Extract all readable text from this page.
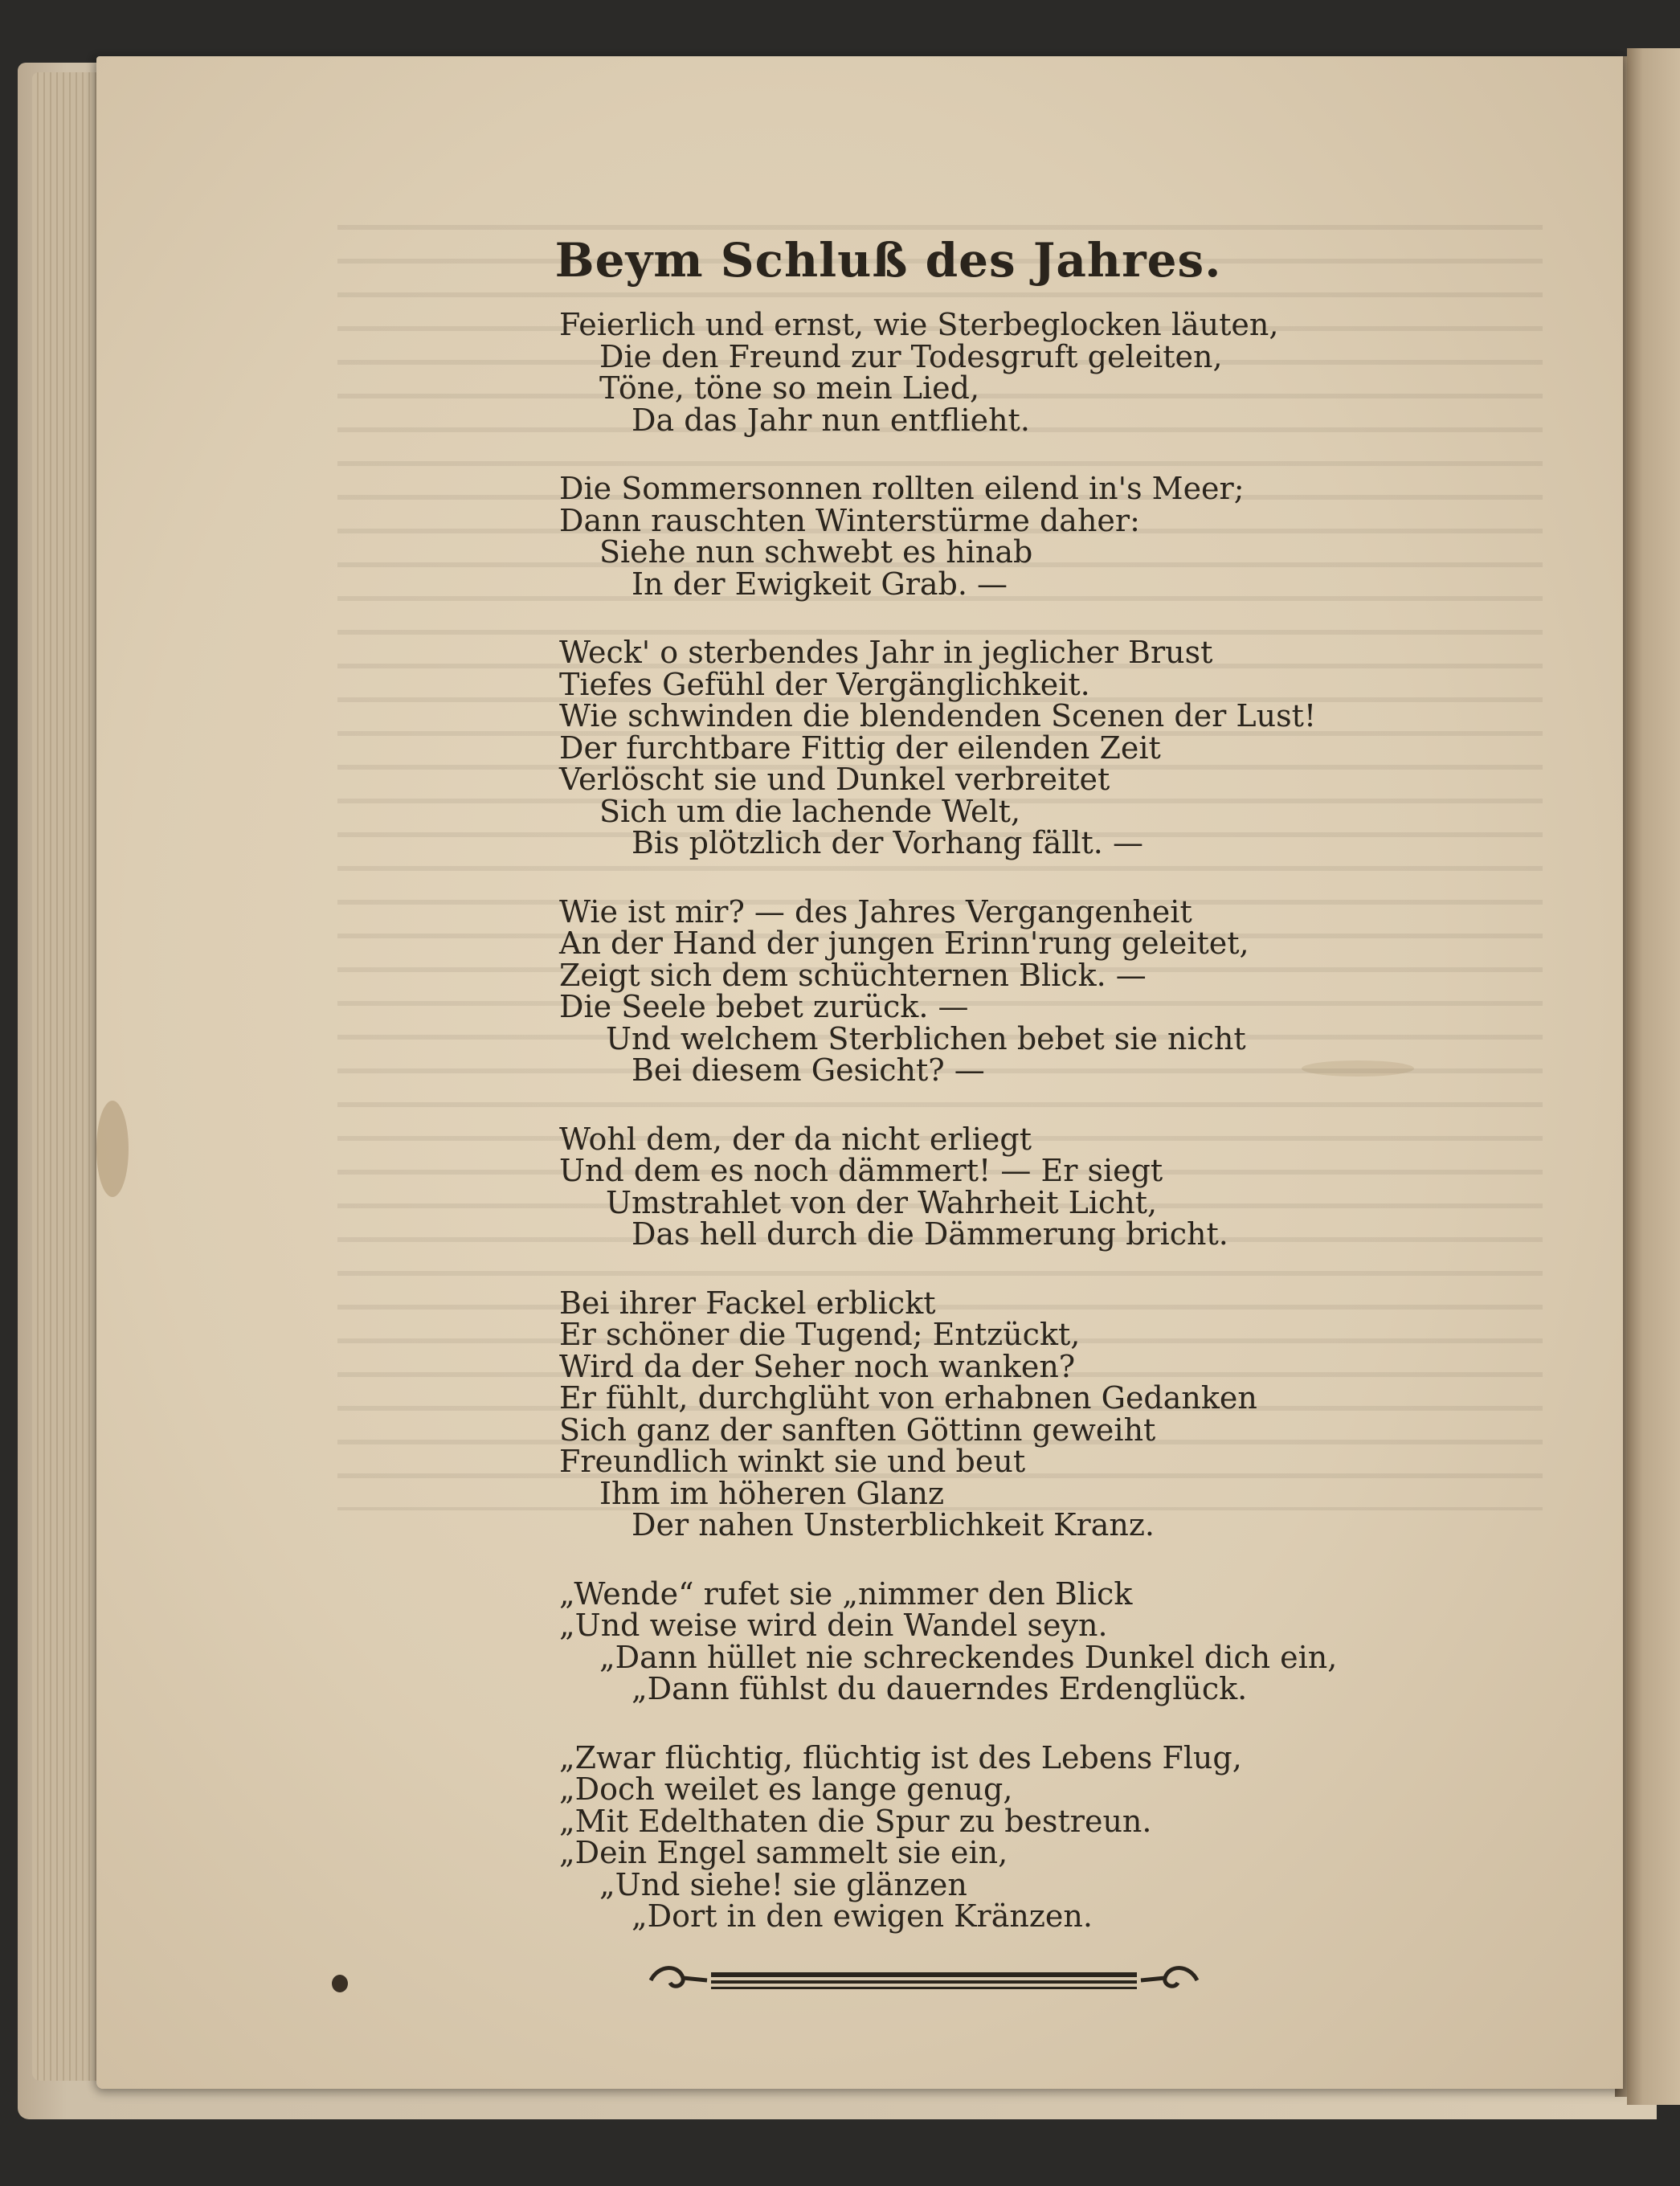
Beym Schluß des Jahres.
Feierlich und ernst, wie Sterbeglocken läuten,
Die den Freund zur Todesgruft geleiten,
Töne, töne so mein Lied,
Da das Jahr nun entflieht.
Die Sommersonnen rollten eilend in's Meer;
Dann rauschten Winterstürme daher:
Siehe nun schwebt es hinab
In der Ewigkeit Grab. —
Weck' o sterbendes Jahr in jeglicher Brust
Tiefes Gefühl der Vergänglichkeit.
Wie schwinden die blendenden Scenen der Lust!
Der furchtbare Fittig der eilenden Zeit
Verlöscht sie und Dunkel verbreitet
Sich um die lachende Welt,
Bis plötzlich der Vorhang fällt. —
Wie ist mir? — des Jahres Vergangenheit
An der Hand der jungen Erinn'rung geleitet,
Zeigt sich dem schüchternen Blick. —
Die Seele bebet zurück. —
Und welchem Sterblichen bebet sie nicht
Bei diesem Gesicht? —
Wohl dem, der da nicht erliegt
Und dem es noch dämmert! — Er siegt
Umstrahlet von der Wahrheit Licht,
Das hell durch die Dämmerung bricht.
Bei ihrer Fackel erblickt
Er schöner die Tugend; Entzückt,
Wird da der Seher noch wanken?
Er fühlt, durchglüht von erhabnen Gedanken
Sich ganz der sanften Göttinn geweiht
Freundlich winkt sie und beut
Ihm im höheren Glanz
Der nahen Unsterblichkeit Kranz.
„Wende“ rufet sie „nimmer den Blick
„Und weise wird dein Wandel seyn.
„Dann hüllet nie schreckendes Dunkel dich ein,
„Dann fühlst du dauerndes Erdenglück.
„Zwar flüchtig, flüchtig ist des Lebens Flug,
„Doch weilet es lange genug,
„Mit Edelthaten die Spur zu bestreun.
„Dein Engel sammelt sie ein,
„Und siehe! sie glänzen
„Dort in den ewigen Kränzen.
